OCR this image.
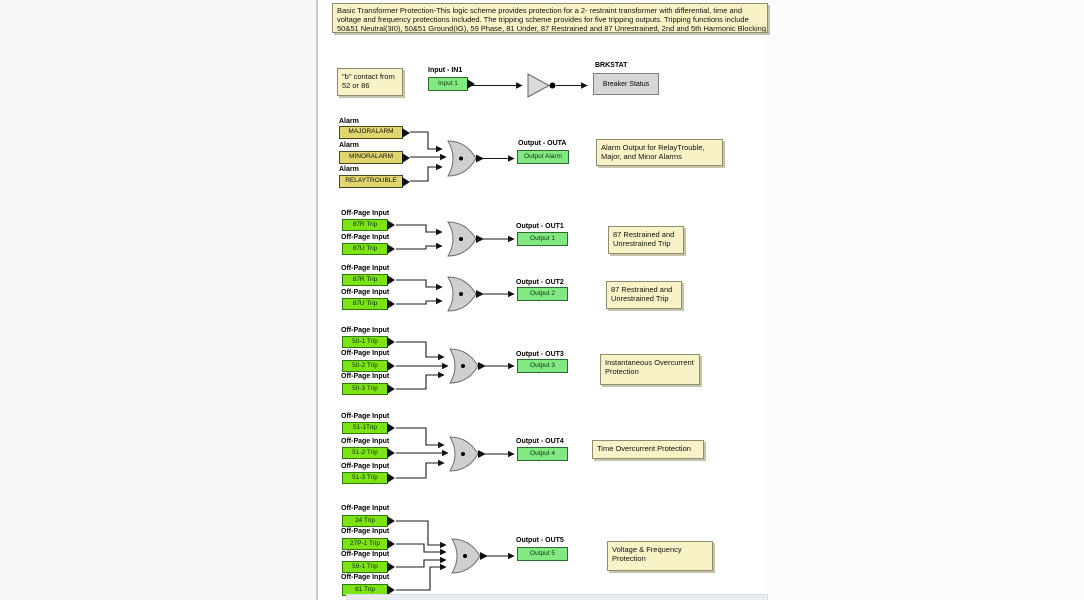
Basic Transformer Protection-This logic scheme provides protection for a 2- restraint transformer with differential, time and
voltage and frequency protections included. The tripping scheme provides for five tripping outputs. Tripping functions include
50&51 Neutral(3I0), 50&51 Ground(IG), 59 Phase, 81 Under, 87 Restrained and 87 Unrestrained, 2nd and 5th Harmonic Blocking
"b" contact from 52 or 86
Input - IN1
Input 1
BRKSTAT
Breaker Status
Alarm
MAJORALARM
Alarm
MINORALARM
Alarm
RELAYTROUBLE
Output - OUTA
Output Alarm
Alarm Output for RelayTrouble,
Major, and Minor Alarms
Off-Page Input
87R Trip
Off-Page Input
87U Trip
Output - OUT1
Output 1	87 Restrained and
Unrestrained Trip
Off-Page Input
87R Trip
Off-Page Input
87U Trip
Output - OUT2
Output 2	87 Restrained and
Unrestrained Trip
Off-Page Input
50-1 Trip
Off-Page Input
50-2 Trip
Off-Page Input
50-3 Trip
Output - OUT3
Output 3	Instantaneous Overcurrent
Protection
Off-Page Input
51-1Trip
Off-Page Input
51-2 Trip
Off-Page Input
51-3 Trip
Output - OUT4
Output 4
Time Overcurrent Protection
Off-Page Input
24 Trip
Off-Page Input
27P-1 Trip
Off-Page Input
59-1 Trip
Off-Page Input
81 Trip
Output - OUT5
Output 5	Voltage & Frequency
Protection
